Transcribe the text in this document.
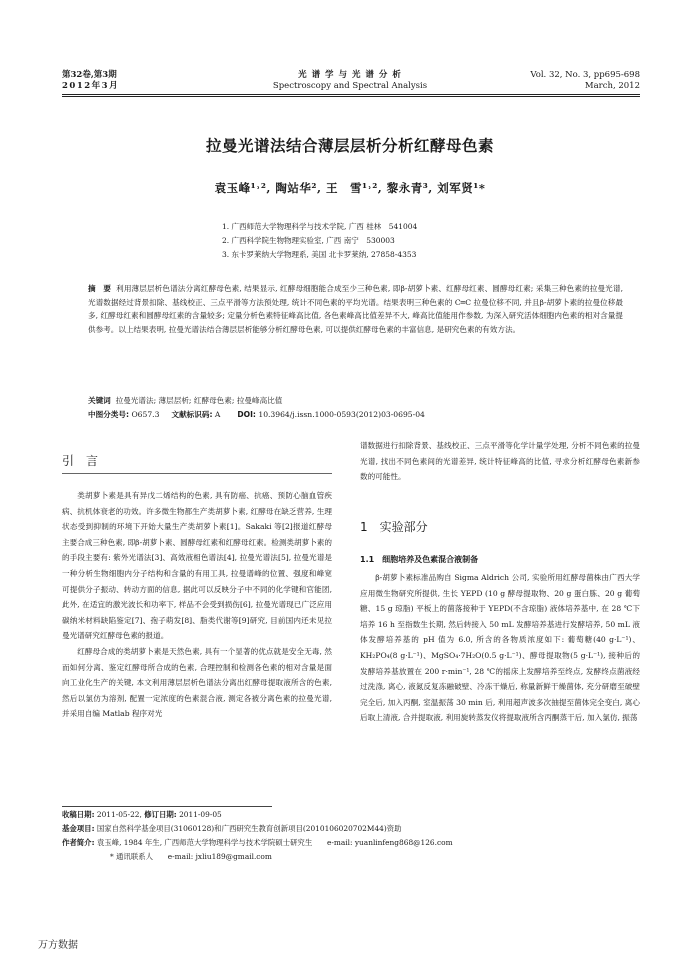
第32卷,第3期
2012年3月
光 谱 学 与 光 谱 分 析
Spectroscopy and Spectral Analysis
Vol. 32, No. 3, pp695-698
March, 2012
拉曼光谱法结合薄层层析分析红酵母色素
袁玉峰¹˒², 陶站华², 王　雪¹˒², 黎永青³, 刘军贤¹*
1. 广西师范大学物理科学与技术学院, 广西 桂林　541004
2. 广西科学院生物物理实验室, 广西 南宁　530003
3. 东卡罗莱纳大学物理系, 美国 北卡罗莱纳, 27858-4353
摘　要 利用薄层层析色谱法分离红酵母色素, 结果显示, 红酵母细胞能合成至少三种色素, 即β-胡萝卜素、红酵母红素、圆酵母红素; 采集三种色素的拉曼光谱, 光谱数据经过背景扣除、基线校正、三点平滑等方法预处理, 统计不同色素的平均光谱。结果表明三种色素的 C═C 拉曼位移不同, 并且β-胡萝卜素的拉曼位移最多, 红酵母红素和圆酵母红素的含量较多; 定量分析色素特征峰高比值, 各色素峰高比值差异不大, 峰高比值能用作参数, 为深入研究活体细胞内色素的相对含量提供参考。以上结果表明, 拉曼光谱法结合薄层层析能够分析红酵母色素, 可以提供红酵母色素的丰富信息, 是研究色素的有效方法。
关键词 拉曼光谱法; 薄层层析; 红酵母色素; 拉曼峰高比值
中图分类号: O657.3 文献标识码: A DOI: 10.3964/j.issn.1000-0593(2012)03-0695-04
引　言
类胡萝卜素是具有异戊二烯结构的色素, 具有防癌、抗癌、预防心脑血管疾病、抗机体衰老的功效。许多微生物都生产类胡萝卜素, 红酵母在缺乏营养, 生理状态受到抑制的环境下开始大量生产类胡萝卜素[1]。Sakaki 等[2]报道红酵母主要合成三种色素, 即β-胡萝卜素、圆酵母红素和红酵母红素。检测类胡萝卜素的的手段主要有: 紫外光谱法[3]、高效液相色谱法[4], 拉曼光谱法[5], 拉曼光谱是一种分析生物细胞内分子结构和含量的有用工具, 拉曼谱峰的位置、强度和峰宽可提供分子振动、转动方面的信息, 据此可以反映分子中不同的化学键和官能团, 此外, 在适宜的激光波长和功率下, 样品不会受到损伤[6], 拉曼光谱现已广泛应用碳纳米材料缺陷鉴定[7]、孢子萌发[8]、脂类代谢等[9]研究, 目前国内还未见拉曼光谱研究红酵母色素的报道。
红酵母合成的类胡萝卜素是天然色素, 具有一个显著的优点就是安全无毒, 然而如何分离、鉴定红酵母所合成的色素, 合理控制和检测各色素的相对含量是面向工业化生产的关键, 本文利用薄层层析色谱法分离出红酵母提取液所含的色素, 然后以氯仿为溶剂, 配置一定浓度的色素混合液, 测定各被分离色素的拉曼光谱, 并采用自编 Matlab 程序对光
谱数据进行扣除背景、基线校正、三点平滑等化学计量学处理, 分析不同色素的拉曼光谱, 找出不同色素间的光谱差异, 统计特征峰高的比值, 寻求分析红酵母色素新参数的可能性。
1　实验部分
1.1　细胞培养及色素混合液制备
β-胡萝卜素标准品购自 Sigma Aldrich 公司, 实验所用红酵母菌株由广西大学应用微生物研究所提供, 生长 YEPD (10 g 酵母提取物、20 g 蛋白胨、20 g 葡萄糖、15 g 琼脂) 平板上的菌落接种于 YEPD(不含琼脂) 液体培养基中, 在 28 ℃下培养 16 h 至指数生长期, 然后转接入 50 mL 发酵培养基进行发酵培养, 50 mL 液体发酵培养基的 pH 值为 6.0, 所含的各物质浓度如下: 葡萄糖(40 g·L⁻¹)、KH₂PO₄(8 g·L⁻¹)、MgSO₄·7H₂O(0.5 g·L⁻¹)、酵母提取物(5 g·L⁻¹), 接种后的发酵培养基放置在 200 r·min⁻¹, 28 ℃的摇床上发酵培养至终点, 发酵终点菌液经过洗涤, 离心, 液氮反复冻融破壁、冷冻干燥后, 称量新鲜干燥菌体, 充分研磨至破壁完全后, 加入丙酮, 室温振荡 30 min 后, 利用超声波多次抽提至菌体完全变白, 离心后取上清液, 合并提取液, 利用旋转蒸发仪将提取液所含丙酮蒸干后, 加入氯仿, 振荡
收稿日期: 2011-05-22, 修订日期: 2011-09-05
基金项目: 国家自然科学基金项目(31060128)和广西研究生教育创新项目(2010106020702M44)资助
作者简介: 袁玉峰, 1984 年生, 广西师范大学物理科学与技术学院硕士研究生　　e-mail: yuanlinfeng868@126.com
* 通讯联系人　　e-mail: jxliu189@gmail.com
万方数据
